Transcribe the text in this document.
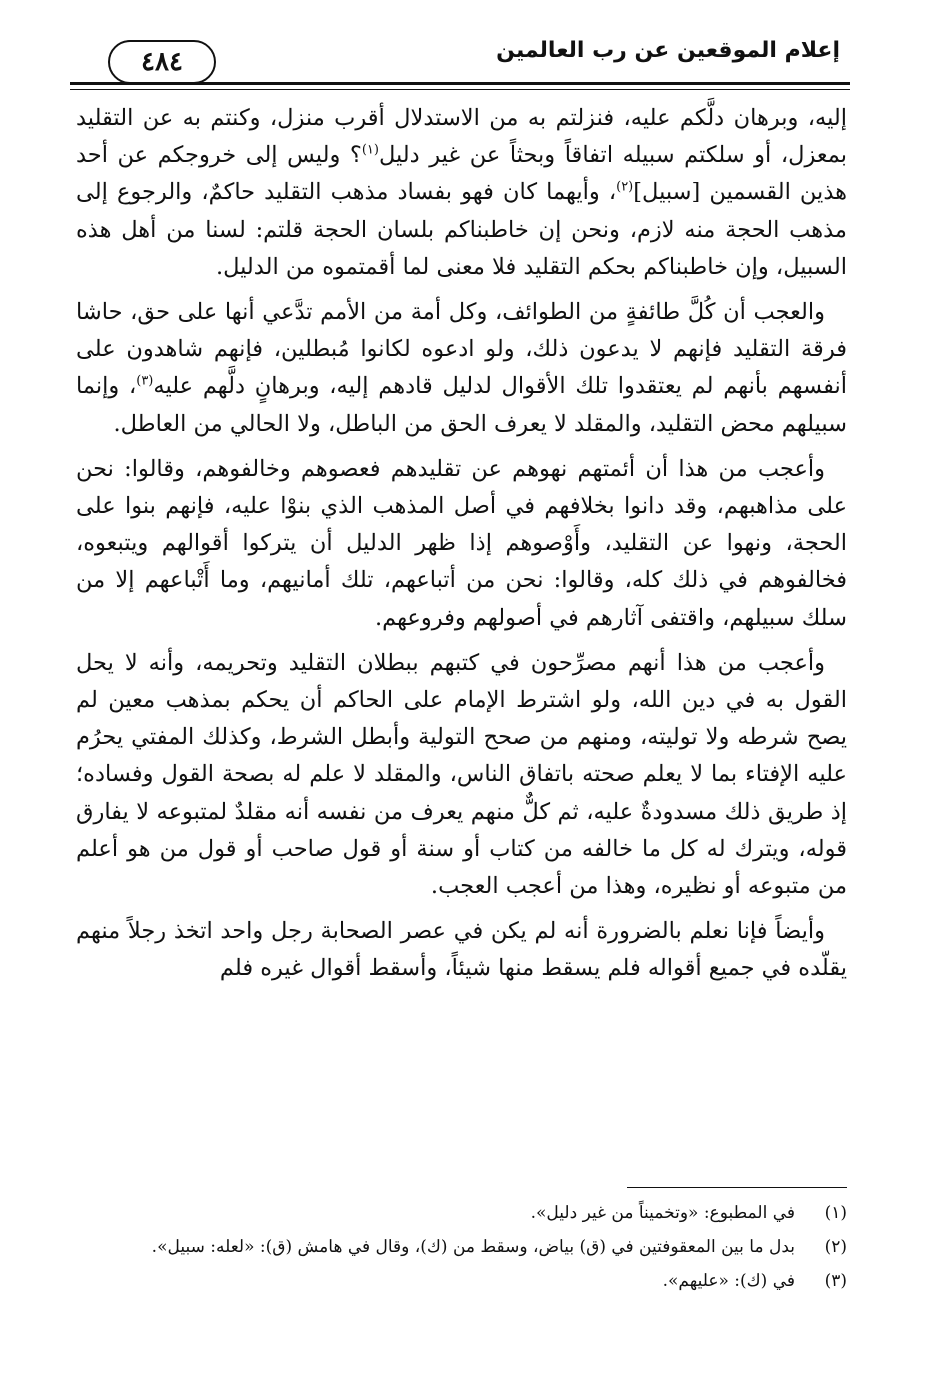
إعلام الموقعين عن رب العالمين
٤٨٤

إليه، وبرهان دلَّكم عليه، فنزلتم به من الاستدلال أقرب منزل، وكنتم به عن التقليد بمعزل، أو سلكتم سبيله اتفاقاً وبحثاً عن غير دليل$^{(١)}$؟ وليس إلى خروجكم عن أحد هذين القسمين [سبيل]$^{(٢)}$، وأيهما كان فهو بفساد مذهب التقليد حاكمٌ، والرجوع إلى مذهب الحجة منه لازم، ونحن إن خاطبناكم بلسان الحجة قلتم: لسنا من أهل هذه السبيل، وإن خاطبناكم بحكم التقليد فلا معنى لما أقمتموه من الدليل.

والعجب أن كُلَّ طائفةٍ من الطوائف، وكل أمة من الأمم تدَّعي أنها على حق، حاشا فرقة التقليد فإنهم لا يدعون ذلك، ولو ادعوه لكانوا مُبطلين، فإنهم شاهدون على أنفسهم بأنهم لم يعتقدوا تلك الأقوال لدليل قادهم إليه، وبرهانٍ دلَّهم عليه$^{(٣)}$، وإنما سبيلهم محض التقليد، والمقلد لا يعرف الحق من الباطل، ولا الحالي من العاطل.

وأعجب من هذا أن أئمتهم نهوهم عن تقليدهم فعصوهم وخالفوهم، وقالوا: نحن على مذاهبهم، وقد دانوا بخلافهم في أصل المذهب الذي بنوْا عليه، فإنهم بنوا على الحجة، ونهوا عن التقليد، وأَوْصوهم إذا ظهر الدليل أن يتركوا أقوالهم ويتبعوه، فخالفوهم في ذلك كله، وقالوا: نحن من أتباعهم، تلك أمانيهم، وما أَتْباعهم إلا من سلك سبيلهم، واقتفى آثارهم في أصولهم وفروعهم.

وأعجب من هذا أنهم مصرِّحون في كتبهم ببطلان التقليد وتحريمه، وأنه لا يحل القول به في دين الله، ولو اشترط الإمام على الحاكم أن يحكم بمذهب معين لم يصح شرطه ولا توليته، ومنهم من صحح التولية وأبطل الشرط، وكذلك المفتي يحرُم عليه الإفتاء بما لا يعلم صحته باتفاق الناس، والمقلد لا علم له بصحة القول وفساده؛ إذ طريق ذلك مسدودةٌ عليه، ثم كلٌّ منهم يعرف من نفسه أنه مقلدٌ لمتبوعه لا يفارق قوله، ويترك له كل ما خالفه من كتاب أو سنة أو قول صاحب أو قول من هو أعلم من متبوعه أو نظيره، وهذا من أعجب العجب.

وأيضاً فإنا نعلم بالضرورة أنه لم يكن في عصر الصحابة رجل واحد اتخذ رجلاً منهم يقلّده في جميع أقواله فلم يسقط منها شيئاً، وأسقط أقوال غيره فلم

(١)
في المطبوع: «وتخميناً من غير دليل».
(٢)
بدل ما بين المعقوفتين في (ق) بياض، وسقط من (ك)، وقال في هامش (ق): «لعله: سبيل».
(٣)
في (ك): «عليهم».
